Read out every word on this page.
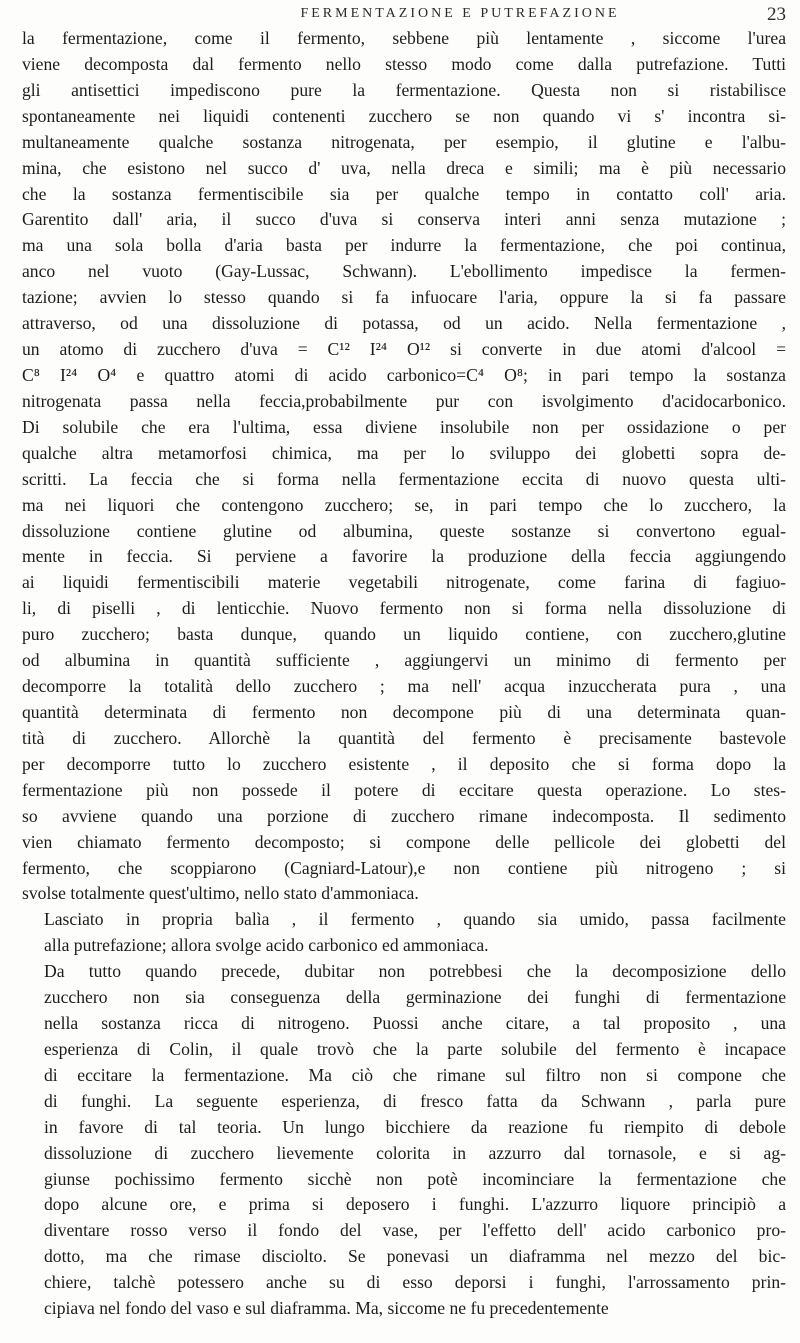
FERMENTAZIONE E PUTREFAZIONE	23
la fermentazione, come il fermento, sebbene più lentamente , siccome l'urea
viene decomposta dal fermento nello stesso modo come dalla putrefazione. Tutti
gli antisettici impediscono pure la fermentazione. Questa non si ristabilisce
spontaneamente nei liquidi contenenti zucchero se non quando vi s' incontra si-
multaneamente qualche sostanza nitrogenata, per esempio, il glutine e l'albu-
mina, che esistono nel succo d' uva, nella dreca e simili; ma è più necessario
che la sostanza fermentiscibile sia per qualche tempo in contatto coll' aria.
Garentito dall' aria, il succo d'uva si conserva interi anni senza mutazione ;
ma una sola bolla d'aria basta per indurre la fermentazione, che poi continua,
anco nel vuoto (Gay-Lussac, Schwann). L'ebollimento impedisce la fermen-
tazione; avvien lo stesso quando si fa infuocare l'aria, oppure la si fa passare
attraverso, od una dissoluzione di potassa, od un acido. Nella fermentazione ,
un atomo di zucchero d'uva = C¹² I²⁴ O¹² si converte in due atomi d'alcool =
C⁸ I²⁴ O⁴ e quattro atomi di acido carbonico=C⁴ O⁸; in pari tempo la sostanza
nitrogenata passa nella feccia,probabilmente pur con isvolgimento d'acidocarbonico.
Di solubile che era l'ultima, essa diviene insolubile non per ossidazione o per
qualche altra metamorfosi chimica, ma per lo sviluppo dei globetti sopra de-
scritti. La feccia che si forma nella fermentazione eccita di nuovo questa ulti-
ma nei liquori che contengono zucchero; se, in pari tempo che lo zucchero, la
dissoluzione contiene glutine od albumina, queste sostanze si convertono egual-
mente in feccia. Si perviene a favorire la produzione della feccia aggiungendo
ai liquidi fermentiscibili materie vegetabili nitrogenate, come farina di fagiuo-
li, di piselli , di lenticchie. Nuovo fermento non si forma nella dissoluzione di
puro zucchero; basta dunque, quando un liquido contiene, con zucchero,glutine
od albumina in quantità sufficiente , aggiungervi un minimo di fermento per
decomporre la totalità dello zucchero ; ma nell' acqua inzuccherata pura , una
quantità determinata di fermento non decompone più di una determinata quan-
tità di zucchero. Allorchè la quantità del fermento è precisamente bastevole
per decomporre tutto lo zucchero esistente , il deposito che si forma dopo la
fermentazione più non possede il potere di eccitare questa operazione. Lo stes-
so avviene quando una porzione di zucchero rimane indecomposta. Il sedimento
vien chiamato fermento decomposto; si compone delle pellicole dei globetti del
fermento, che scoppiarono (Cagniard-Latour),e non contiene più nitrogeno ; si
svolse totalmente quest'ultimo, nello stato d'ammoniaca.
Lasciato in propria balìa , il fermento , quando sia umido, passa facilmente
alla putrefazione; allora svolge acido carbonico ed ammoniaca.
Da tutto quando precede, dubitar non potrebbesi che la decomposizione dello
zucchero non sia conseguenza della germinazione dei funghi di fermentazione
nella sostanza ricca di nitrogeno. Puossi anche citare, a tal proposito , una
esperienza di Colin, il quale trovò che la parte solubile del fermento è incapace
di eccitare la fermentazione. Ma ciò che rimane sul filtro non si compone che
di funghi. La seguente esperienza, di fresco fatta da Schwann , parla pure
in favore di tal teoria. Un lungo bicchiere da reazione fu riempito di debole
dissoluzione di zucchero lievemente colorita in azzurro dal tornasole, e si ag-
giunse pochissimo fermento sicchè non potè incominciare la fermentazione che
dopo alcune ore, e prima si deposero i funghi. L'azzurro liquore principiò a
diventare rosso verso il fondo del vase, per l'effetto dell' acido carbonico pro-
dotto, ma che rimase disciolto. Se ponevasi un diaframma nel mezzo del bic-
chiere, talchè potessero anche su di esso deporsi i funghi, l'arrossamento prin-
cipiava nel fondo del vaso e sul diaframma. Ma, siccome ne fu precedentemente
